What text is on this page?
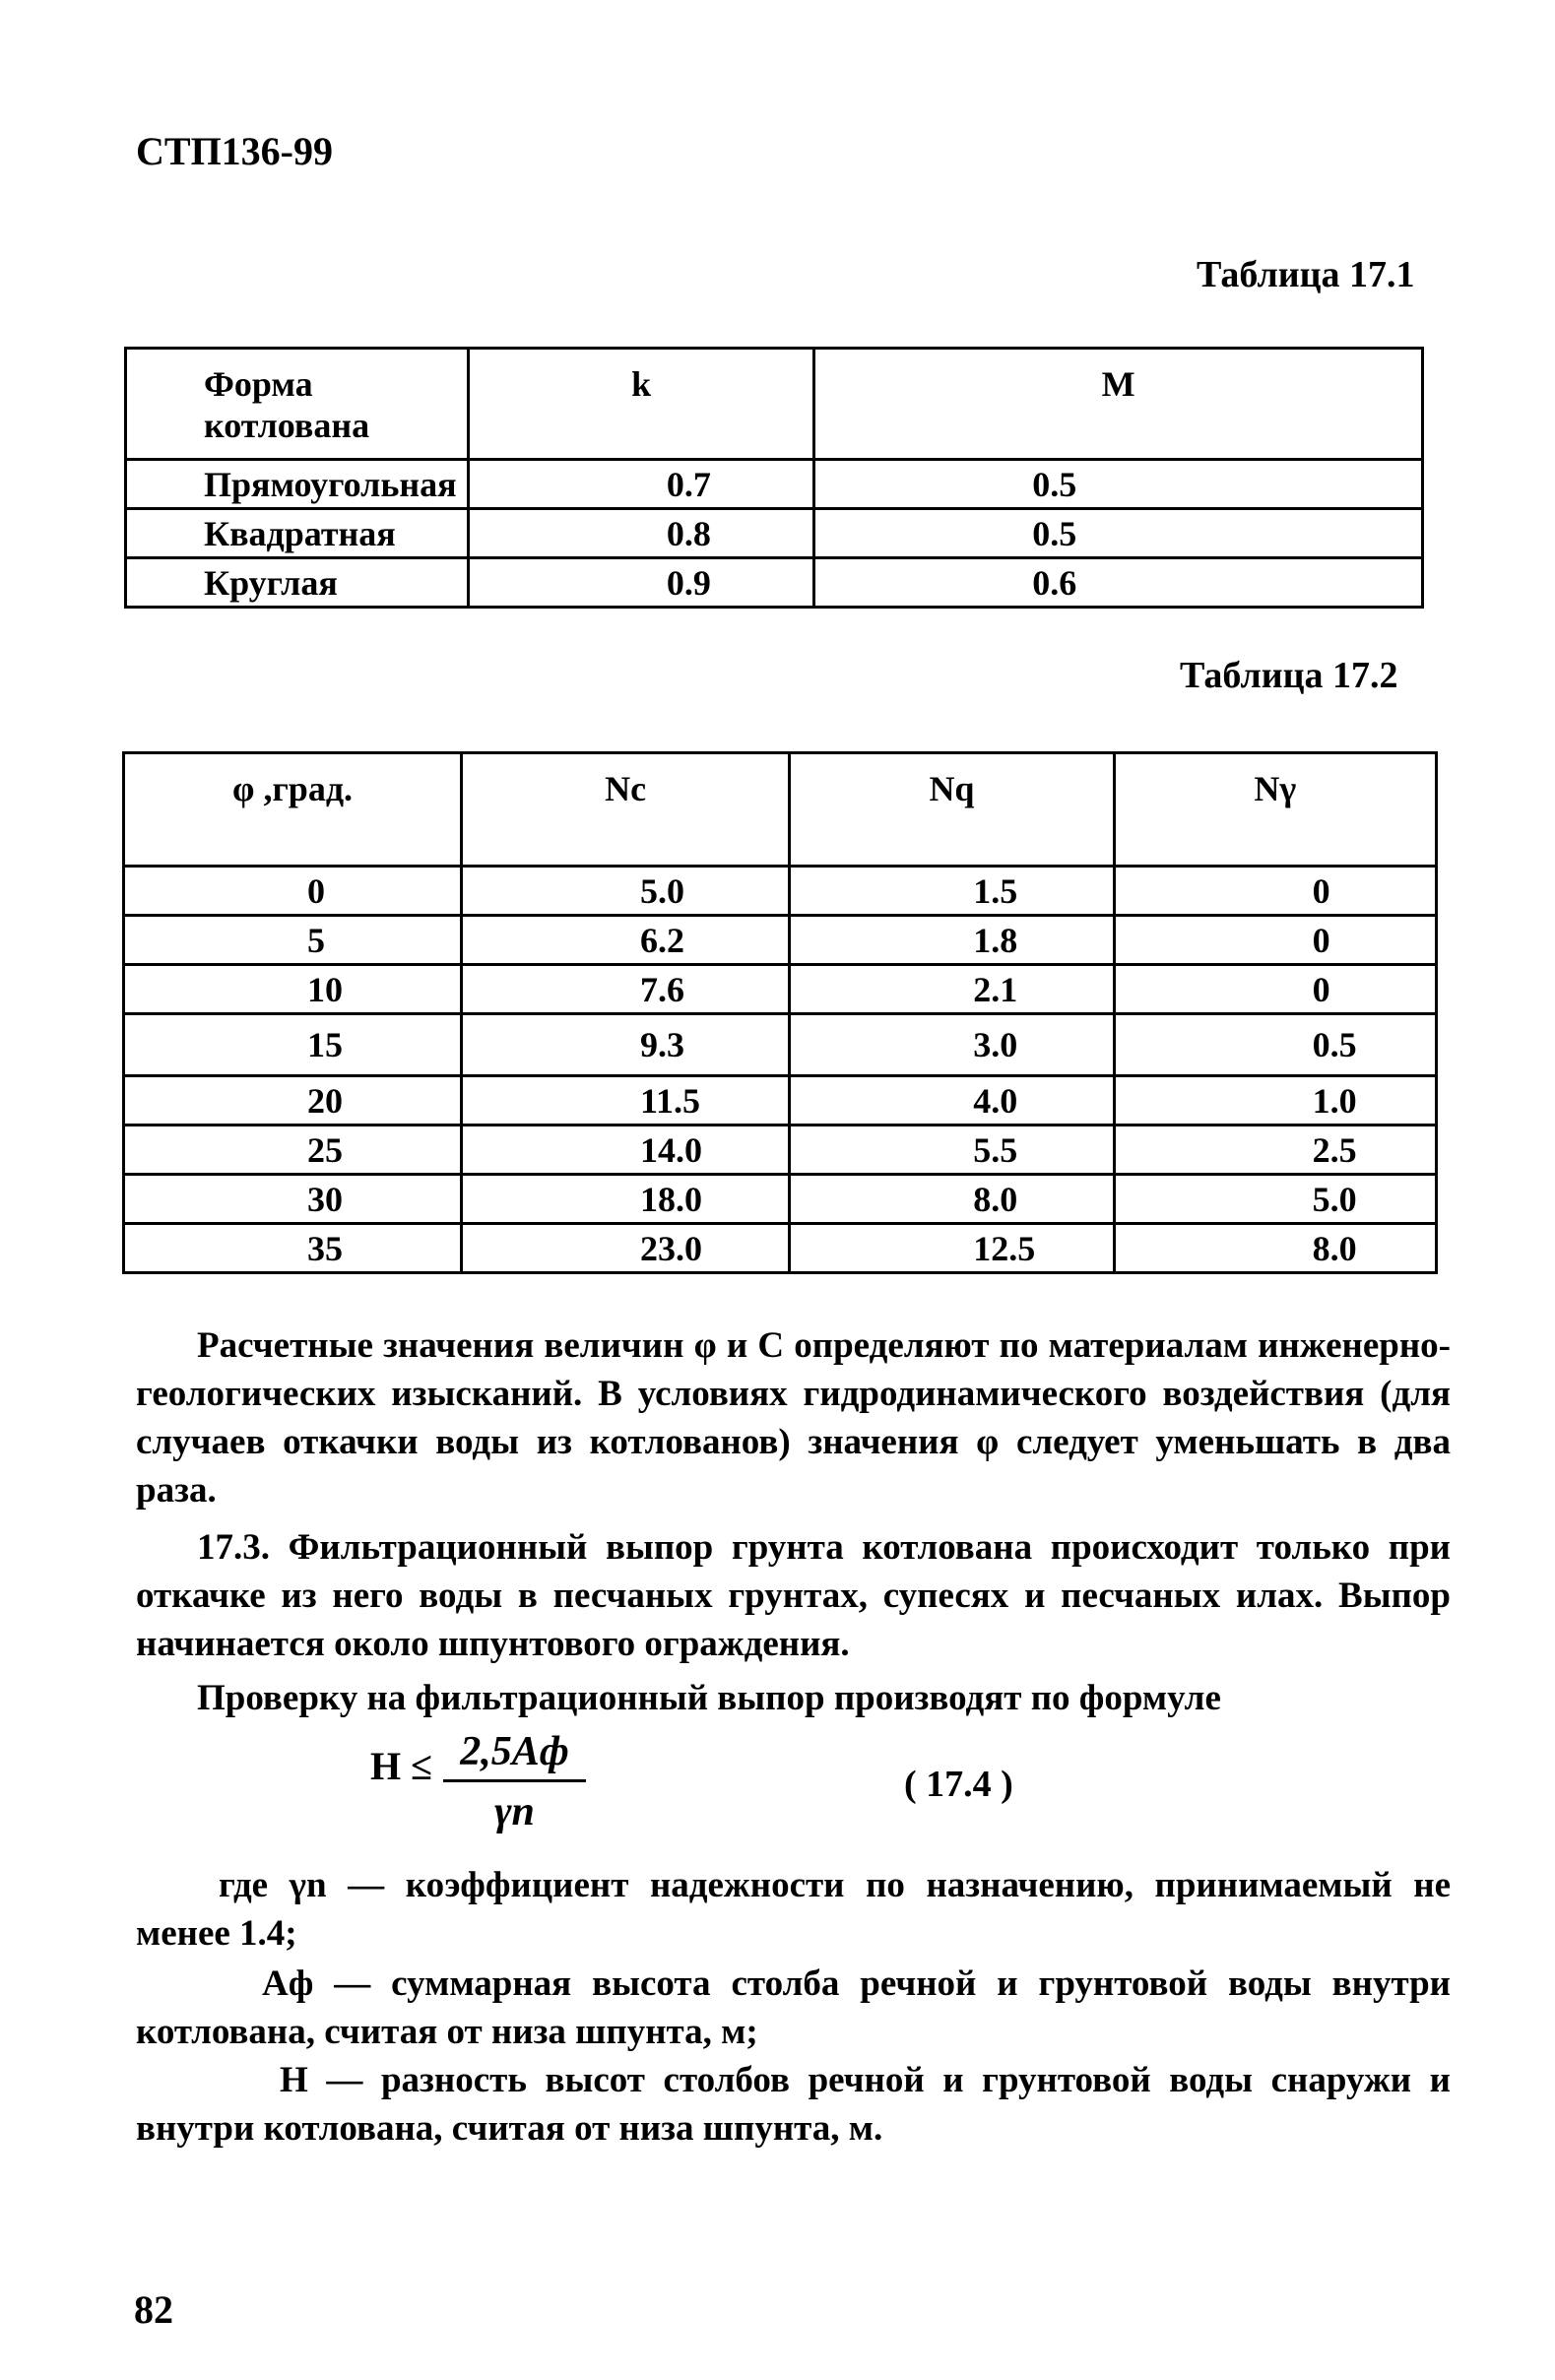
СТП136-99
Таблица 17.1
Форма котлована	k	M
Прямоугольная	0.7	0.5
Квадратная	0.8	0.5
Круглая	0.9	0.6
Таблица 17.2
φ ,град.	Nc	Nq	Nγ
0	5.0	1.5	0
5	6.2	1.8	0
10	7.6	2.1	0
15	9.3	3.0	0.5
20	11.5	4.0	1.0
25	14.0	5.5	2.5
30	18.0	8.0	5.0
35	23.0	12.5	8.0
Расчетные значения величин φ и С определяют по материалам инженерно-геологических изысканий. В условиях гидродинамического воздействия (для случаев откачки воды из котлованов) значения φ следует уменьшать в два раза.
17.3. Фильтрационный выпор грунта котлована происходит только при откачке из него воды в песчаных грунтах, супесях и песчаных илах. Выпор начинается около шпунтового ограждения.
Проверку на фильтрационный выпор производят по формуле
H ≤ 2,5Aф
γn
( 17.4 )
где γn — коэффициент надежности по назначению, принимаемый не менее 1.4;
Aф — суммарная высота столба речной и грунтовой воды внутри котлована, считая от низа шпунта, м;
H — разность высот столбов речной и грунтовой воды снаружи и внутри котлована, считая от низа шпунта, м.
82
